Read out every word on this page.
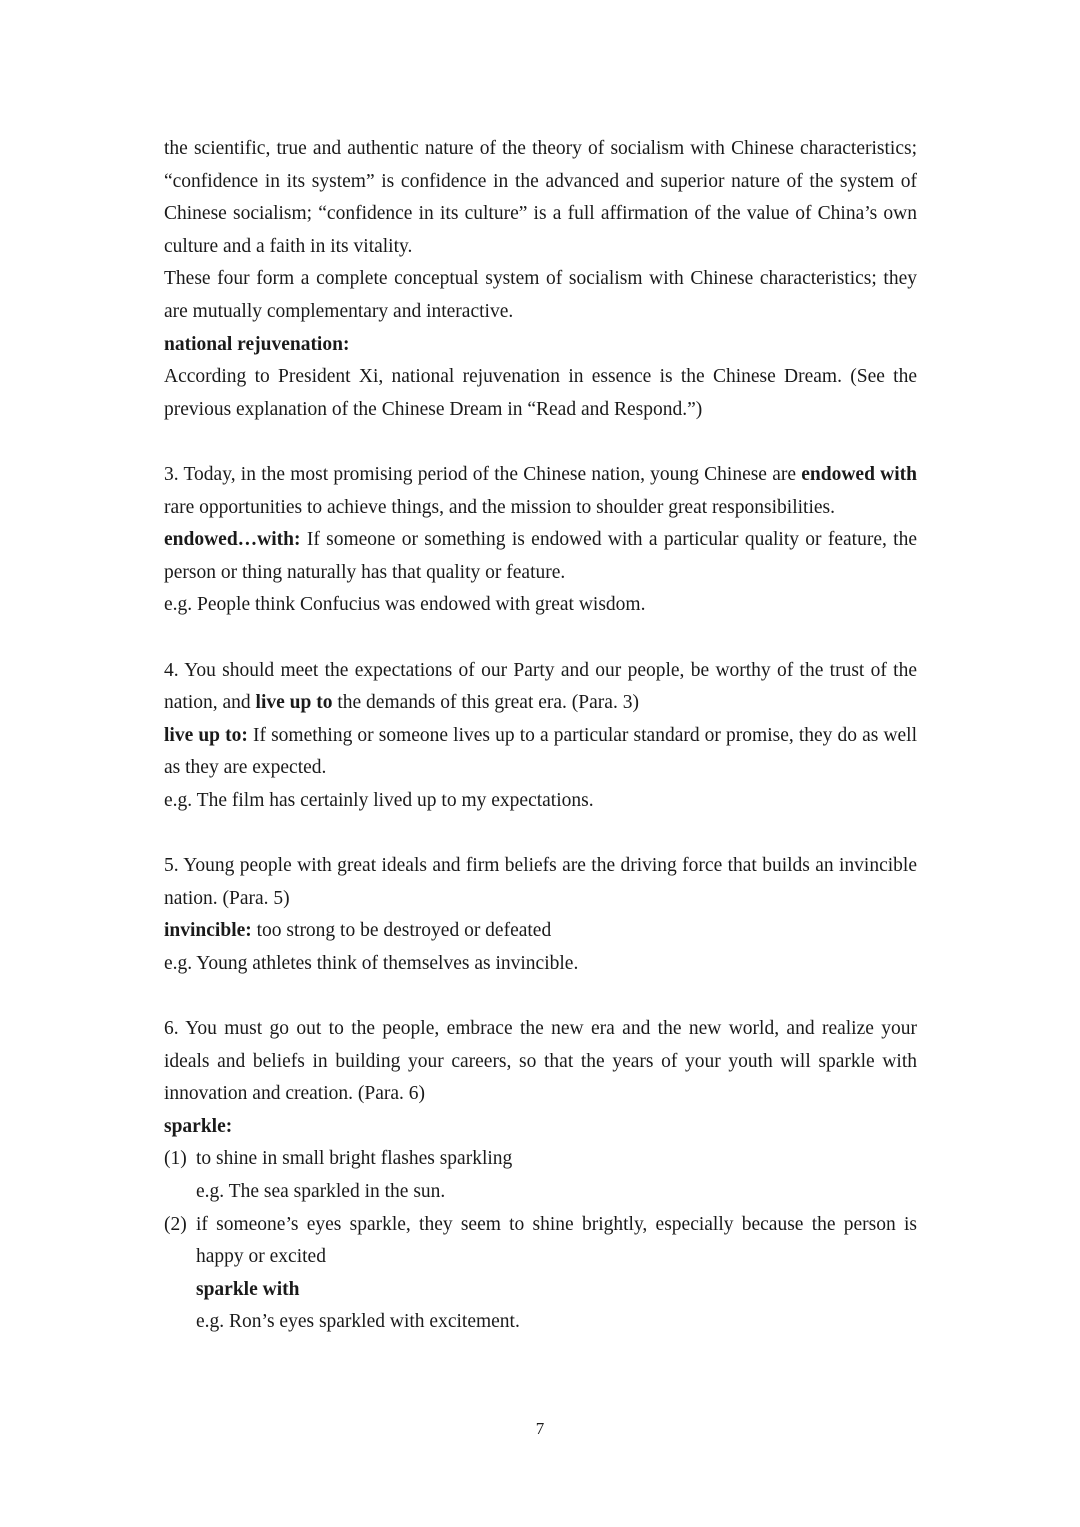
the scientific, true and authentic nature of the theory of socialism with Chinese characteristics; “confidence in its system” is confidence in the advanced and superior nature of the system of Chinese socialism; “confidence in its culture” is a full affirmation of the value of China’s own culture and a faith in its vitality.

These four form a complete conceptual system of socialism with Chinese characteristics; they are mutually complementary and interactive.

national rejuvenation:

According to President Xi, national rejuvenation in essence is the Chinese Dream. (See the previous explanation of the Chinese Dream in “Read and Respond.”)

3. Today, in the most promising period of the Chinese nation, young Chinese are endowed with rare opportunities to achieve things, and the mission to shoulder great responsibilities.

endowed…with: If someone or something is endowed with a particular quality or feature, the person or thing naturally has that quality or feature.

e.g. People think Confucius was endowed with great wisdom.

4. You should meet the expectations of our Party and our people, be worthy of the trust of the nation, and live up to the demands of this great era. (Para. 3)

live up to: If something or someone lives up to a particular standard or promise, they do as well as they are expected.

e.g. The film has certainly lived up to my expectations.

5. Young people with great ideals and firm beliefs are the driving force that builds an invincible nation. (Para. 5)

invincible: too strong to be destroyed or defeated

e.g. Young athletes think of themselves as invincible.

6. You must go out to the people, embrace the new era and the new world, and realize your ideals and beliefs in building your careers, so that the years of your youth will sparkle with innovation and creation. (Para. 6)

sparkle:

(1) to shine in small bright flashes sparkling

e.g. The sea sparkled in the sun.

(2) if someone’s eyes sparkle, they seem to shine brightly, especially because the person is happy or excited

sparkle with

e.g. Ron’s eyes sparkled with excitement.

7
